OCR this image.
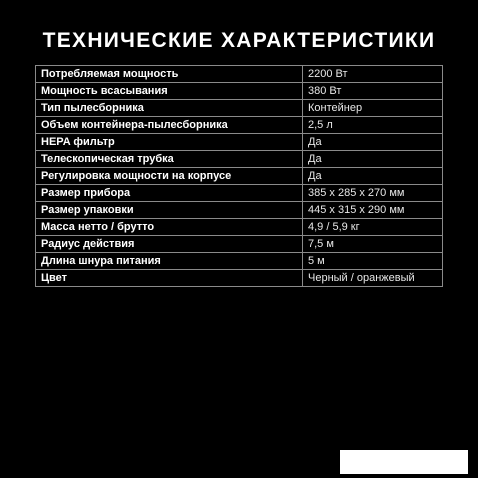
ТЕХНИЧЕСКИЕ ХАРАКТЕРИСТИКИ
Потребляемая мощность	2200 Вт
Мощность всасывания	380 Вт
Тип пылесборника	Контейнер
Объем контейнера-пылесборника	2,5 л
HEPA фильтр	Да
Телескопическая трубка	Да
Регулировка мощности на корпусе	Да
Размер прибора	385 х 285 х 270 мм
Размер упаковки	445 х 315 х 290 мм
Масса нетто / брутто	4,9 / 5,9 кг
Радиус действия	7,5 м
Длина шнура питания	5 м
Цвет	Черный / оранжевый
